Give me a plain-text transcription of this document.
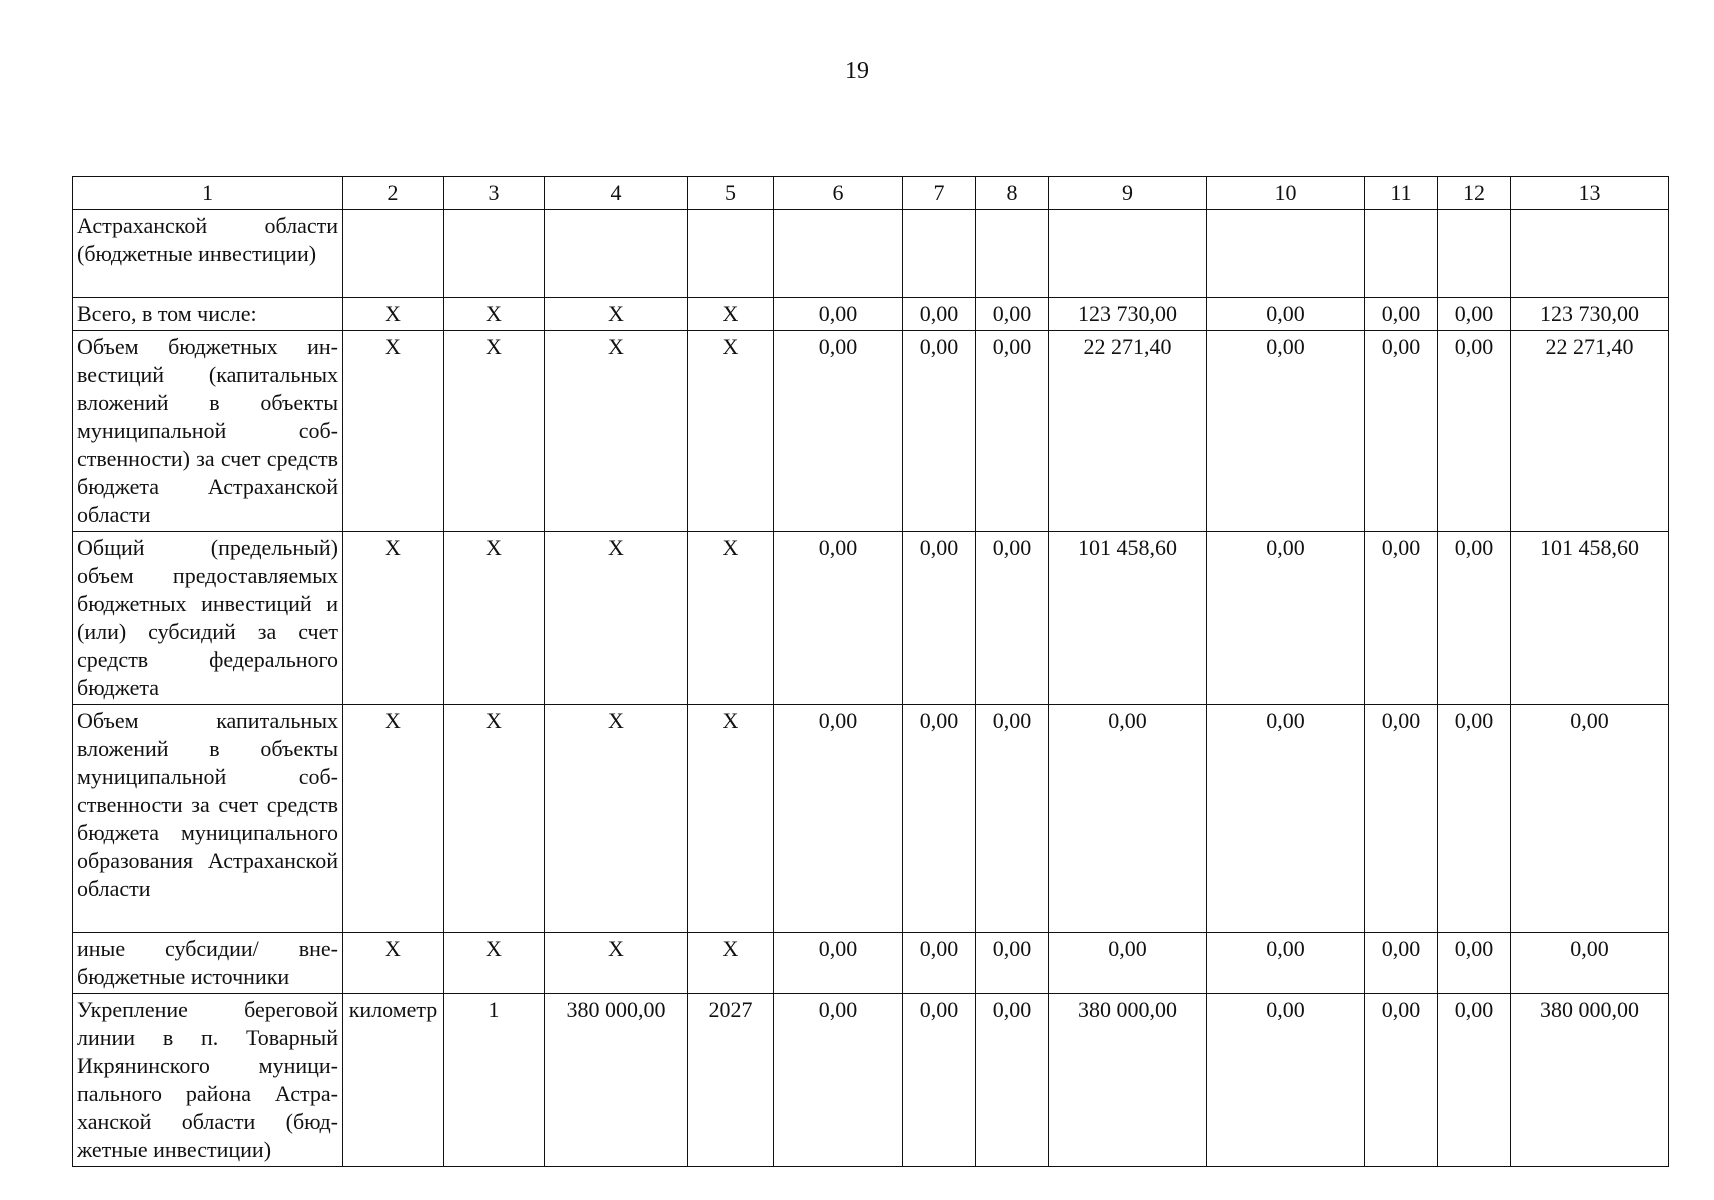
19
1	2	3	4	5	6	7	8	9	10	11	12	13
Астраханской области (бюджетные инвестиции)												
Всего, в том числе:	X	X	X	X	0,00	0,00	0,00	123 730,00	0,00	0,00	0,00	123 730,00
Объем бюджетных инвестиций (капитальных вложений в объекты муниципальной собственности) за счет средств бюджета Астраханской области	X	X	X	X	0,00	0,00	0,00	22 271,40	0,00	0,00	0,00	22 271,40
Общий (предельный) объем предоставляемых бюджетных инвестиций и (или) субсидий за счет средств федерального бюджета	X	X	X	X	0,00	0,00	0,00	101 458,60	0,00	0,00	0,00	101 458,60
Объем капитальных вложений в объекты муниципальной собственности за счет средств бюджета муниципального образования Астраханской области	X	X	X	X	0,00	0,00	0,00	0,00	0,00	0,00	0,00	0,00
иные субсидии/ внебюджетные источники	X	X	X	X	0,00	0,00	0,00	0,00	0,00	0,00	0,00	0,00
Укрепление береговой линии в п. Товарный Икрянинского муниципального района Астраханской области (бюджетные инвестиции)	километр	1	380 000,00	2027	0,00	0,00	0,00	380 000,00	0,00	0,00	0,00	380 000,00
